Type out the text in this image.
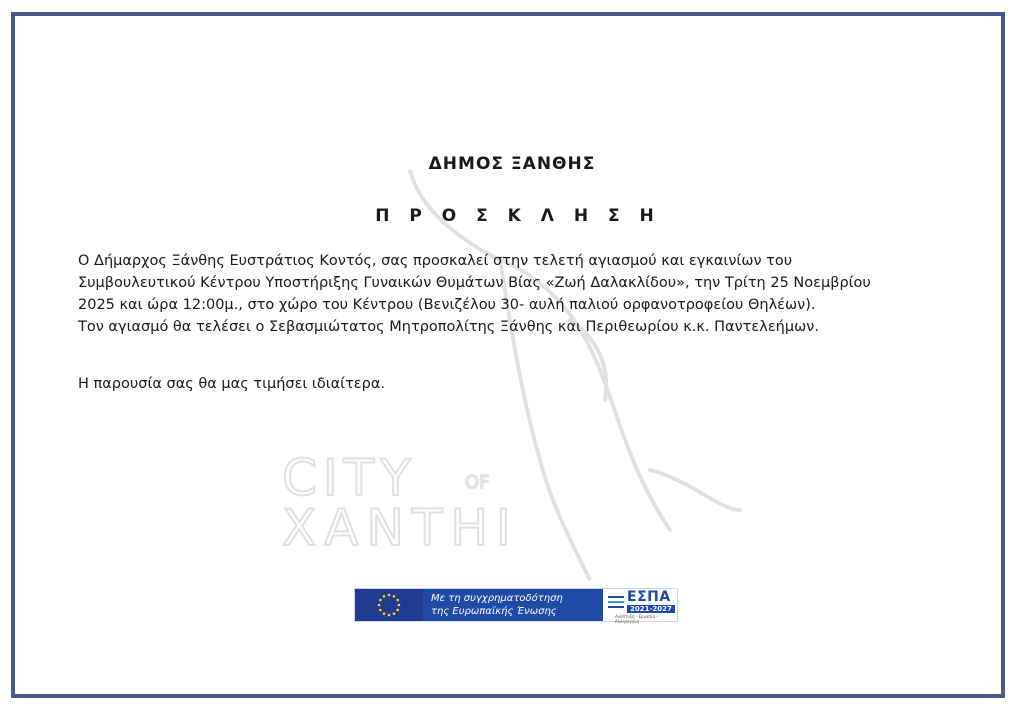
CITY	OF
XANTHI
ΔΗΜΟΣ ΞΑΝΘΗΣ
Π Ρ Ο Σ Κ Λ Η Σ Η

Ο Δήμαρχος Ξάνθης Ευστράτιος Κοντός, σας προσκαλεί στην τελετή αγιασμού και εγκαινίων του
Συμβουλευτικού Κέντρου Υποστήριξης Γυναικών Θυμάτων Βίας «Ζωή Δαλακλίδου», την Τρίτη 25 Νοεμβρίου
2025 και ώρα 12:00μ., στο χώρο του Κέντρου (Βενιζέλου 30- αυλή παλιού ορφανοτροφείου Θηλέων).
Τον αγιασμό θα τελέσει ο Σεβασμιώτατος Μητροπολίτης Ξάνθης και Περιθεωρίου κ.κ. Παντελεήμων.

Η παρουσία σας θα μας τιμήσει ιδιαίτερα.

Με τη συγχρηματοδότηση
της Ευρωπαϊκής Ένωσης
ΕΣΠΑ
2021-2027
Ανάπτυξη - Εργασία - Αλληλεγγύη
